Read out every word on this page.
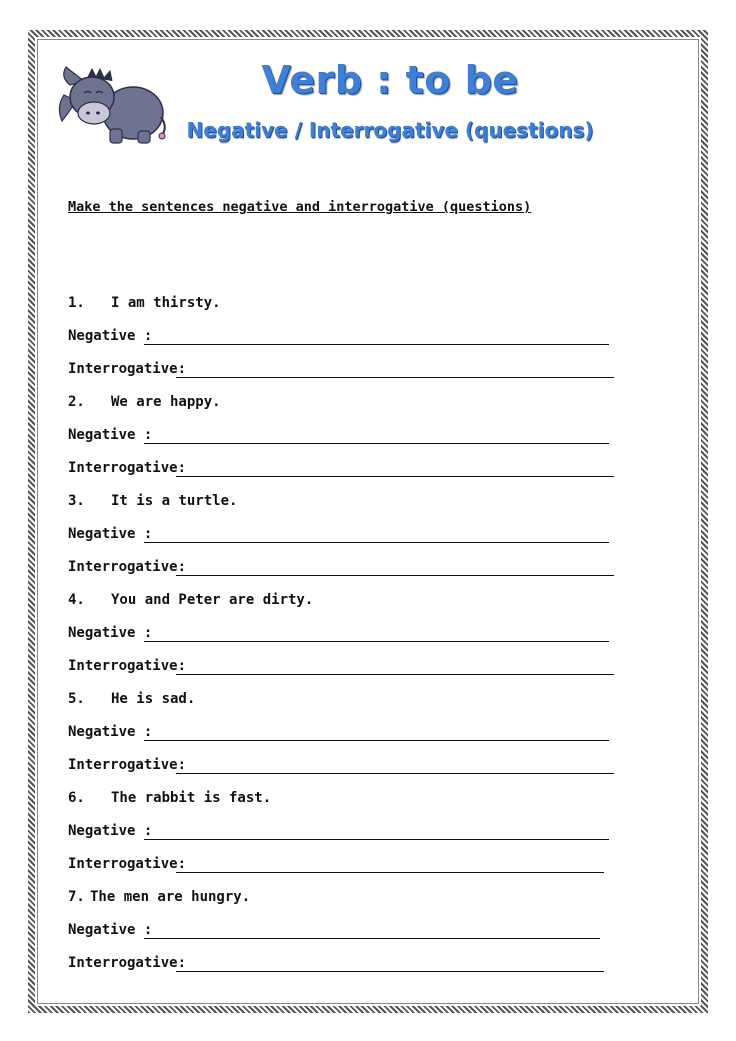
Verb : to be
Negative / Interrogative (questions)
Make the sentences negative and interrogative (questions)
1. I am thirsty.
Negative :
Interrogative:
2. We are happy.
Negative :
Interrogative:
3. It is a turtle.
Negative :
Interrogative:
4. You and Peter are dirty.
Negative :
Interrogative:
5. He is sad.
Negative :
Interrogative:
6. The rabbit is fast.
Negative :
Interrogative:
7. The men are hungry.
Negative :
Interrogative:
